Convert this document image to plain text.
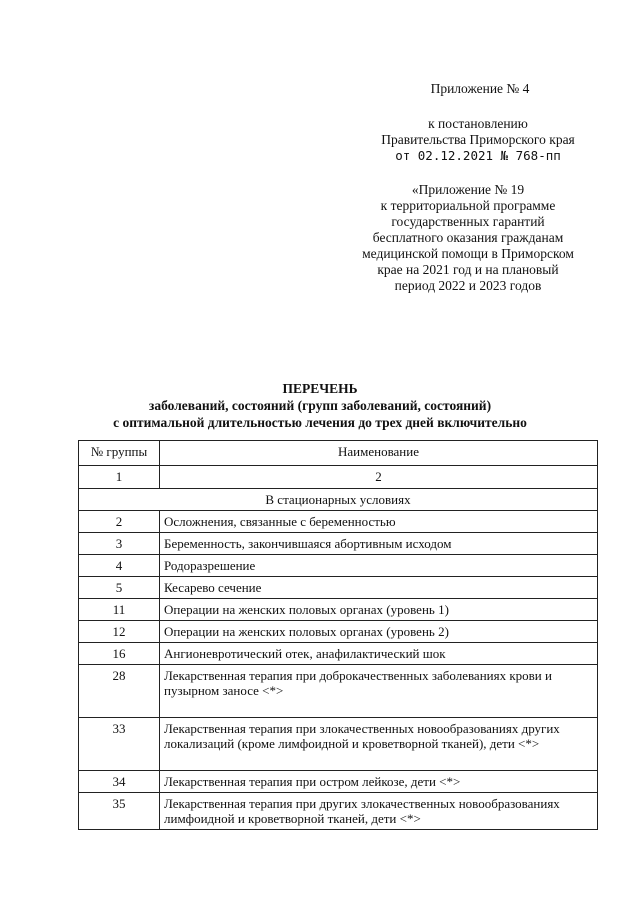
Приложение № 4
к постановлению
Правительства Приморского края
от 02.12.2021 № 768-пп
«Приложение № 19
к территориальной программе
государственных гарантий
бесплатного оказания гражданам
медицинской помощи в Приморском
крае на 2021 год и на плановый
период 2022 и 2023 годов
ПЕРЕЧЕНЬ
заболеваний, состояний (групп заболеваний, состояний)
с оптимальной длительностью лечения до трех дней включительно
№ группы	Наименование
1	2
В стационарных условиях	
2	Осложнения, связанные с беременностью
3	Беременность, закончившаяся абортивным исходом
4	Родоразрешение
5	Кесарево сечение
11	Операции на женских половых органах (уровень 1)
12	Операции на женских половых органах (уровень 2)
16	Ангионевротический отек, анафилактический шок
28	Лекарственная терапия при доброкачественных заболеваниях крови и пузырном заносе <*>
33	Лекарственная терапия при злокачественных новообразованиях других локализаций (кроме лимфоидной и кроветворной тканей), дети <*>
34	Лекарственная терапия при остром лейкозе, дети <*>
35	Лекарственная терапия при других злокачественных новообразованиях лимфоидной и кроветворной тканей, дети <*>
